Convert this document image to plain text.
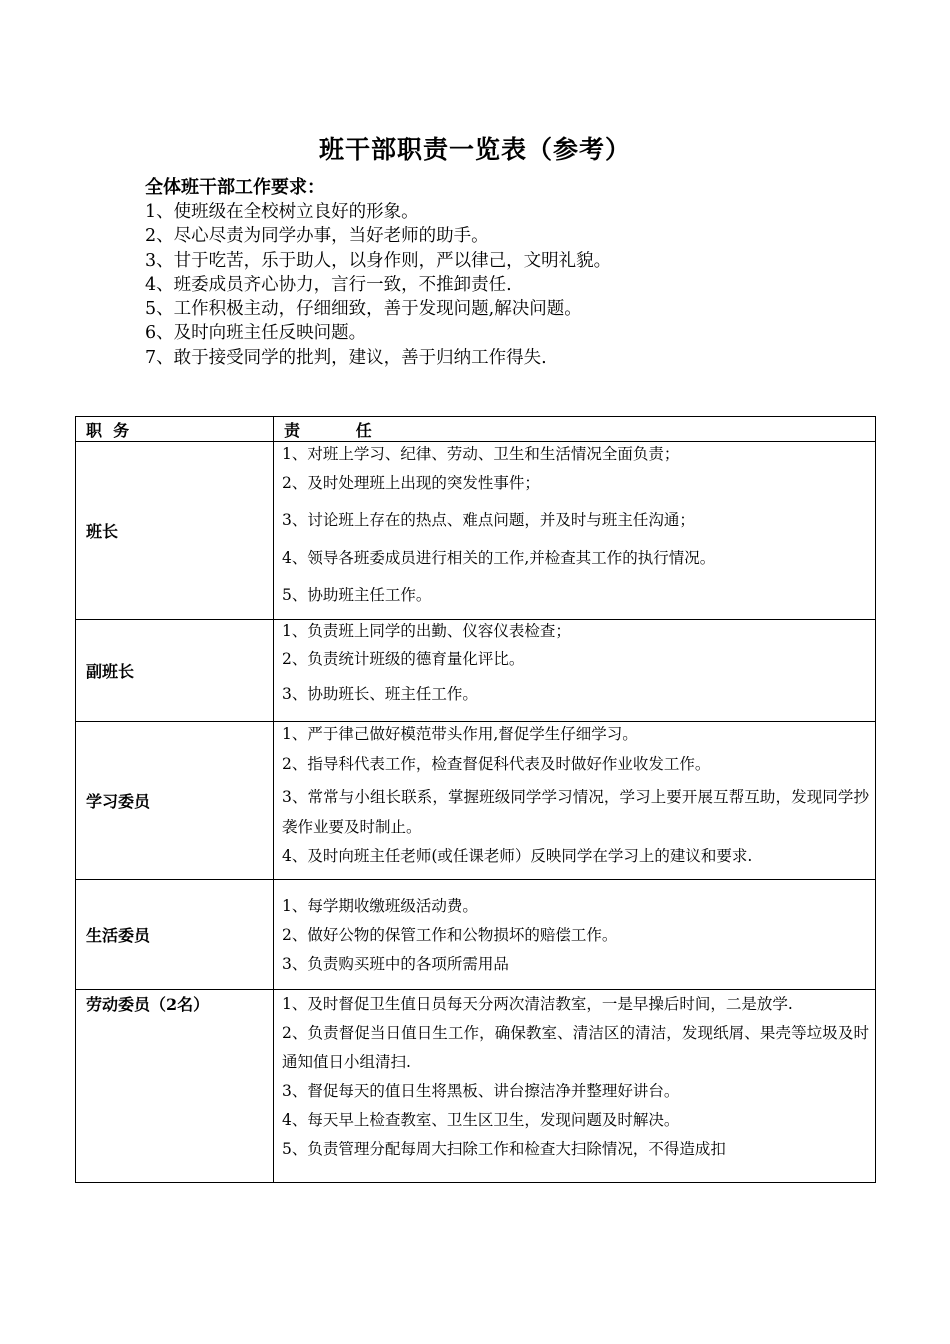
班干部职责一览表（参考）
全体班干部工作要求：
1、使班级在全校树立良好的形象。
2、尽心尽责为同学办事，当好老师的助手。
3、甘于吃苦，乐于助人，以身作则，严以律己，文明礼貌。
4、班委成员齐心协力，言行一致，不推卸责任.
5、工作积极主动，仔细细致，善于发现问题,解决问题。
6、及时向班主任反映问题。
7、敢于接受同学的批判，建议，善于归纳工作得失.
职  务	责          任
班长	1、对班上学习、纪律、劳动、卫生和生活情况全面负责；
2、及时处理班上出现的突发性事件；
3、讨论班上存在的热点、难点问题，并及时与班主任沟通；
4、领导各班委成员进行相关的工作,并检查其工作的执行情况。
5、协助班主任工作。

副班长	1、负责班上同学的出勤、仪容仪表检查；
2、负责统计班级的德育量化评比。
3、协助班长、班主任工作。

学习委员	1、严于律己做好模范带头作用,督促学生仔细学习。
2、指导科代表工作，检查督促科代表及时做好作业收发工作。
3、常常与小组长联系，掌握班级同学学习情况，学习上要开展互帮互助，发现同学抄袭作业要及时制止。
4、及时向班主任老师(或任课老师）反映同学在学习上的建议和要求.

生活委员	1、每学期收缴班级活动费。
2、做好公物的保管工作和公物损坏的赔偿工作。
3、负责购买班中的各项所需用品

劳动委员（2名）	1、及时督促卫生值日员每天分两次清洁教室，一是早操后时间，二是放学.
2、负责督促当日值日生工作，确保教室、清洁区的清洁，发现纸屑、果壳等垃圾及时通知值日小组清扫.
3、督促每天的值日生将黑板、讲台擦洁净并整理好讲台。
4、每天早上检查教室、卫生区卫生，发现问题及时解决。
5、负责管理分配每周大扫除工作和检查大扫除情况，不得造成扣
